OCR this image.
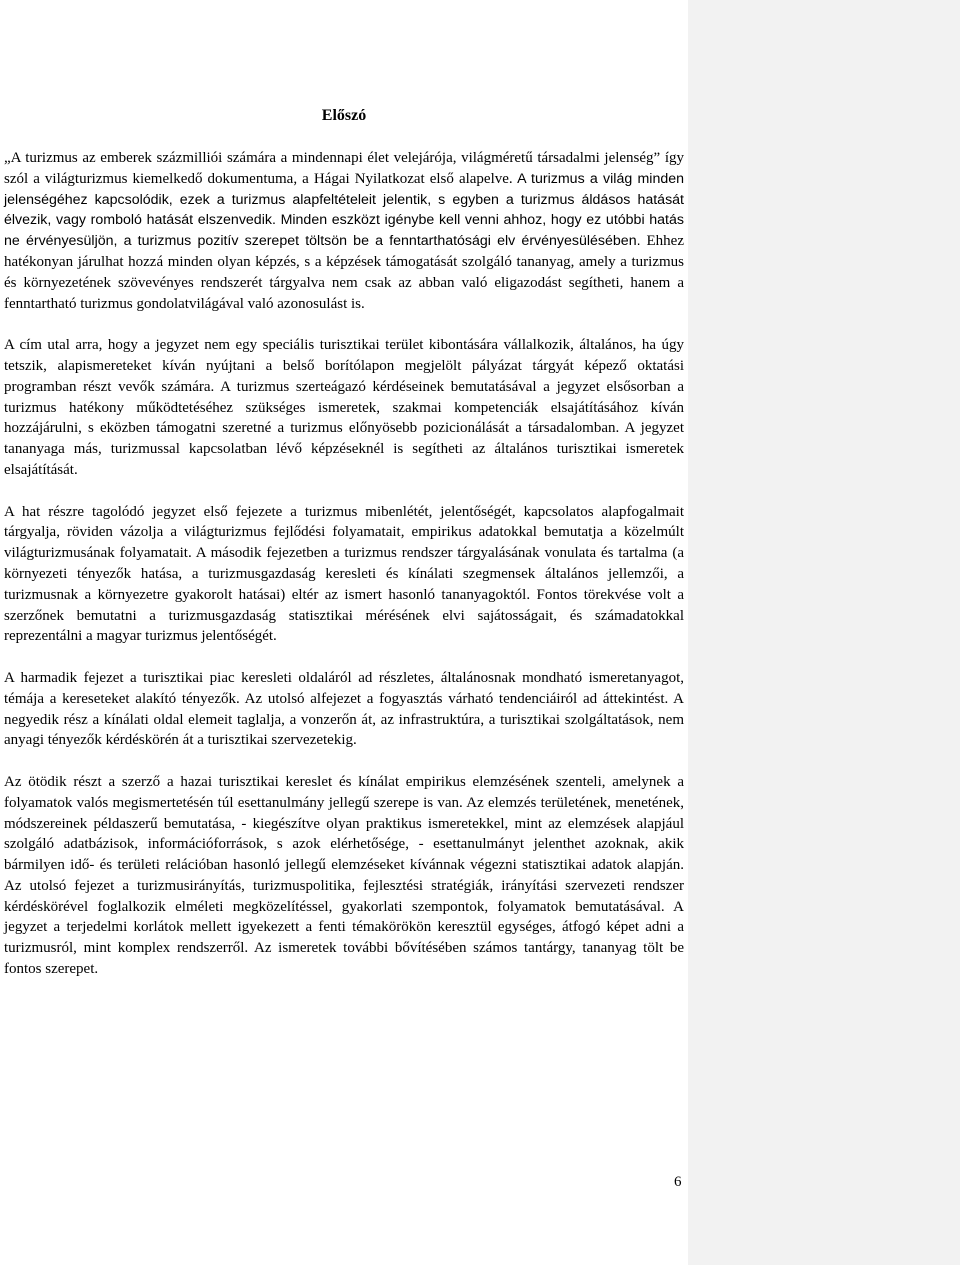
Előszó

„A turizmus az emberek százmilliói számára a mindennapi élet velejárója, világméretű társadalmi jelenség” így szól a világturizmus kiemelkedő dokumentuma, a Hágai Nyilatkozat első alapelve. A turizmus a világ minden jelenségéhez kapcsolódik, ezek a turizmus alapfeltételeit jelentik, s egyben a turizmus áldásos hatását élvezik, vagy romboló hatását elszenvedik. Minden eszközt igénybe kell venni ahhoz, hogy ez utóbbi hatás ne érvényesüljön, a turizmus pozitív szerepet töltsön be a fenntarthatósági elv érvényesülésében. Ehhez hatékonyan járulhat hozzá minden olyan képzés, s a képzések támogatását szolgáló tananyag, amely a turizmus és környezetének szövevényes rendszerét tárgyalva nem csak az abban való eligazodást segítheti, hanem a fenntartható turizmus gondolatvilágával való azonosulást is.

A cím utal arra, hogy a jegyzet nem egy speciális turisztikai terület kibontására vállalkozik, általános, ha úgy tetszik, alapismereteket kíván nyújtani a belső borítólapon megjelölt pályázat tárgyát képező oktatási programban részt vevők számára. A turizmus szerteágazó kérdéseinek bemutatásával a jegyzet elsősorban a turizmus hatékony működtetéséhez szükséges ismeretek, szakmai kompetenciák elsajátításához kíván hozzájárulni, s eközben támogatni szeretné a turizmus előnyösebb pozicionálását a társadalomban. A jegyzet tananyaga más, turizmussal kapcsolatban lévő képzéseknél is segítheti az általános turisztikai ismeretek elsajátítását.

A hat részre tagolódó jegyzet első fejezete a turizmus mibenlétét, jelentőségét, kapcsolatos alapfogalmait tárgyalja, röviden vázolja a világturizmus fejlődési folyamatait, empirikus adatokkal bemutatja a közelmúlt világturizmusának folyamatait. A második fejezetben a turizmus rendszer tárgyalásának vonulata és tartalma (a környezeti tényezők hatása, a turizmusgazdaság keresleti és kínálati szegmensek általános jellemzői, a turizmusnak a környezetre gyakorolt hatásai) eltér az ismert hasonló tananyagoktól. Fontos törekvése volt a szerzőnek bemutatni a turizmusgazdaság statisztikai mérésének elvi sajátosságait, és számadatokkal reprezentálni a magyar turizmus jelentőségét.

A harmadik fejezet a turisztikai piac keresleti oldaláról ad részletes, általánosnak mondható ismeretanyagot, témája a kereseteket alakító tényezők. Az utolsó alfejezet a fogyasztás várható tendenciáiról ad áttekintést. A negyedik rész a kínálati oldal elemeit taglalja, a vonzerőn át, az infrastruktúra, a turisztikai szolgáltatások, nem anyagi tényezők kérdéskörén át a turisztikai szervezetekig.

Az ötödik részt a szerző a hazai turisztikai kereslet és kínálat empirikus elemzésének szenteli, amelynek a folyamatok valós megismertetésén túl esettanulmány jellegű szerepe is van. Az elemzés területének, menetének, módszereinek példaszerű bemutatása, - kiegészítve olyan praktikus ismeretekkel, mint az elemzések alapjául szolgáló adatbázisok, információforrások, s azok elérhetősége, - esettanulmányt jelenthet azoknak, akik bármilyen idő- és területi relációban hasonló jellegű elemzéseket kívánnak végezni statisztikai adatok alapján. Az utolsó fejezet a turizmusirányítás, turizmuspolitika, fejlesztési stratégiák, irányítási szervezeti rendszer kérdéskörével foglalkozik elméleti megközelítéssel, gyakorlati szempontok, folyamatok bemutatásával. A jegyzet a terjedelmi korlátok mellett igyekezett a fenti témakörökön keresztül egységes, átfogó képet adni a turizmusról, mint komplex rendszerről. Az ismeretek további bővítésében számos tantárgy, tananyag tölt be fontos szerepet.

6
